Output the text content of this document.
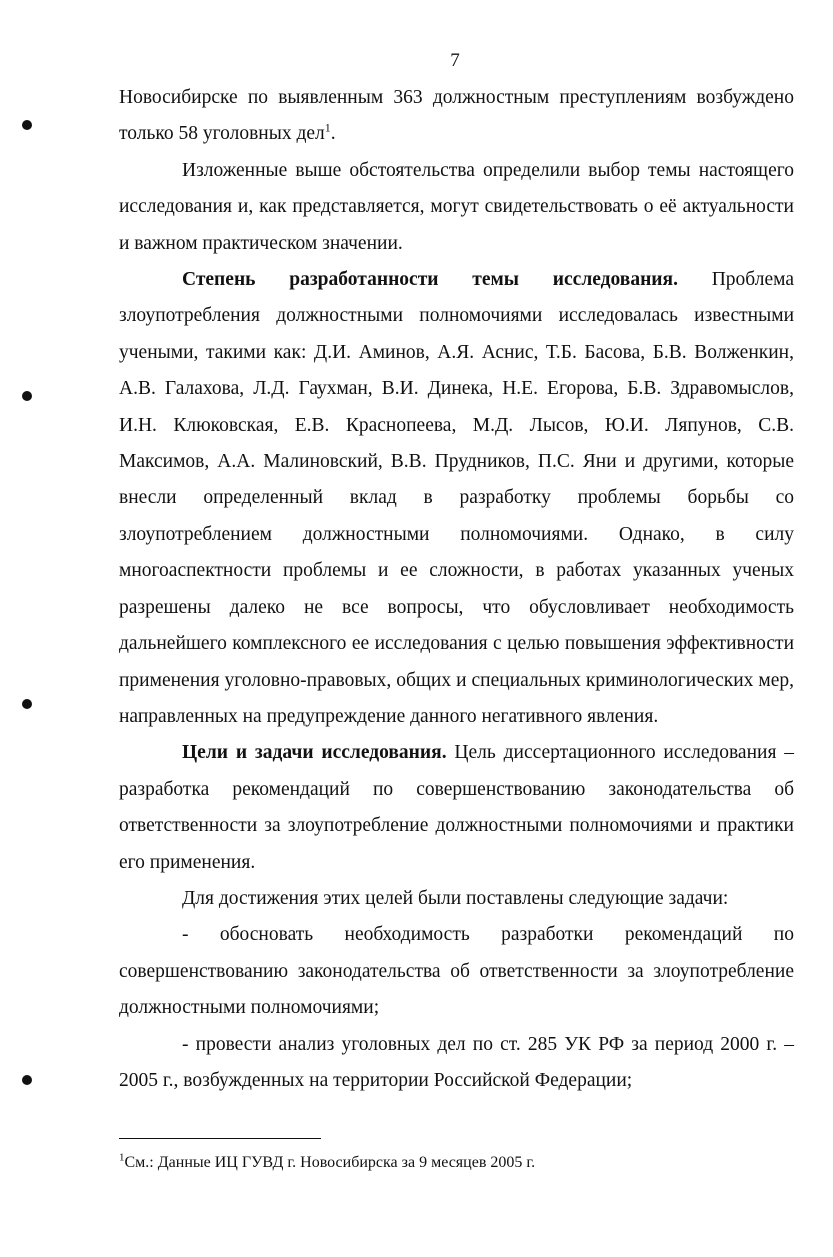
7

Новосибирске по выявленным 363 должностным преступлениям возбуждено только 58 уголовных дел$^1$.

Изложенные выше обстоятельства определили выбор темы настоящего исследования и, как представляется, могут свидетельствовать о её актуальности и важном практическом значении.

Степень разработанности темы исследования. Проблема злоупотребления должностными полномочиями исследовалась известными учеными, такими как: Д.И. Аминов, А.Я. Аснис, Т.Б. Басова, Б.В. Волженкин, А.В. Галахова, Л.Д. Гаухман, В.И. Динека, Н.Е. Егорова, Б.В. Здравомыслов, И.Н. Клюковская, Е.В. Краснопеева, М.Д. Лысов, Ю.И. Ляпунов, С.В. Максимов, А.А. Малиновский, В.В. Прудников, П.С. Яни и другими, которые внесли определенный вклад в разработку проблемы борьбы со злоупотреблением должностными полномочиями. Однако, в силу многоаспектности проблемы и ее сложности, в работах указанных ученых разрешены далеко не все вопросы, что обусловливает необходимость дальнейшего комплексного ее исследования с целью повышения эффективности применения уголовно-правовых, общих и специальных криминологических мер, направленных на предупреждение данного негативного явления.

Цели и задачи исследования. Цель диссертационного исследования – разработка рекомендаций по совершенствованию законодательства об ответственности за злоупотребление должностными полномочиями и практики его применения.

Для достижения этих целей были поставлены следующие задачи:

- обосновать необходимость разработки рекомендаций по совершенствованию законодательства об ответственности за злоупотребление должностными полномочиями;

- провести анализ уголовных дел по ст. 285 УК РФ за период 2000 г. – 2005 г., возбужденных на территории Российской Федерации;

$^1$См.: Данные ИЦ ГУВД г. Новосибирска за 9 месяцев 2005 г.
